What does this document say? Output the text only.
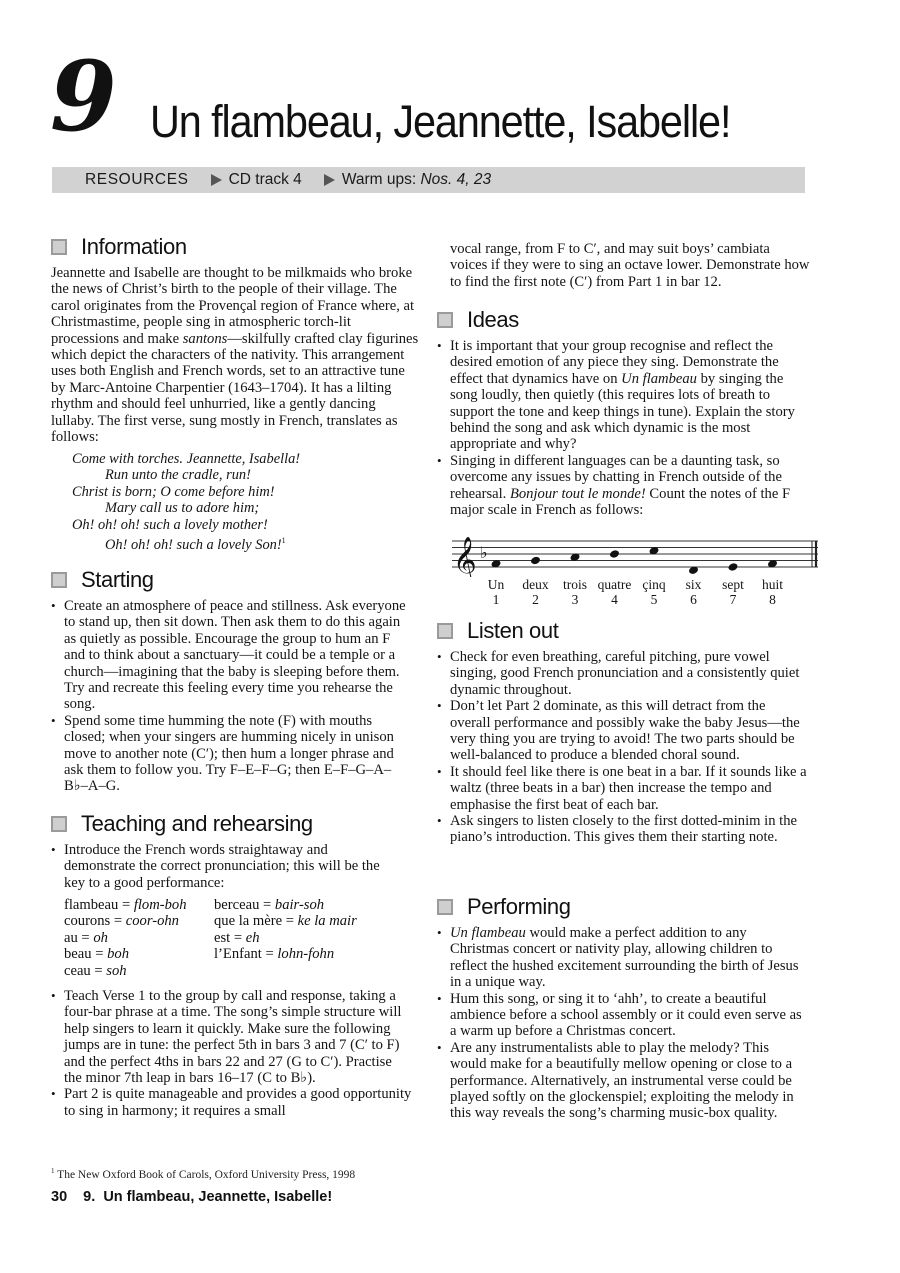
9 Un flambeau, Jeannette, Isabelle!
RESOURCES	CD track 4	Warm ups: Nos. 4, 23
Information

Jeannette and Isabelle are thought to be milkmaids who broke the news of Christ’s birth to the people of their village. The carol originates from the Provençal region of France where, at Christmastime, people sing in atmospheric torch-lit processions and make santons—skilfully crafted clay figurines which depict the characters of the nativity. This arrangement uses both English and French words, set to an attractive tune by Marc-Antoine Charpentier (1643–1704). It has a lilting rhythm and should feel unhurried, like a gently dancing lullaby. The first verse, sung mostly in French, translates as follows:

Come with torches. Jeannette, Isabella!
Run unto the cradle, run!
Christ is born; O come before him!
Mary call us to adore him;
Oh! oh! oh! such a lovely mother!
Oh! oh! oh! such a lovely Son!$^1$
Starting
• Create an atmosphere of peace and stillness. Ask everyone to stand up, then sit down. Then ask them to do this again as quietly as possible. Encourage the group to hum an F and to think about a sanctuary—it could be a temple or a church—imagining that the baby is sleeping before them. Try and recreate this feeling every time you rehearse the song.
• Spend some time humming the note (F) with mouths closed; when your singers are humming nicely in unison move to another note (C′); then hum a longer phrase and ask them to follow you. Try F–E–F–G; then E–F–G–A–B♭–A–G.
Teaching and rehearsing
• Introduce the French words straightaway and demonstrate the correct pronunciation; this will be the key to a good performance:
flambeau = flom-boh	berceau = bair-soh
courons = coor-ohn	que la mère = ke la mair
au = oh	est = eh
beau = boh	l’Enfant = lohn-fohn
ceau = soh
• Teach Verse 1 to the group by call and response, taking a four-bar phrase at a time. The song’s simple structure will help singers to learn it quickly. Make sure the following jumps are in tune: the perfect 5th in bars 3 and 7 (C′ to F) and the perfect 4ths in bars 22 and 27 (G to C′). Practise the minor 7th leap in bars 16–17 (C to B♭).
• Part 2 is quite manageable and provides a good opportunity to sing in harmony; it requires a small

vocal range, from F to C′, and may suit boys’ cambiata voices if they were to sing an octave lower. Demonstrate how to find the first note (C′) from Part 1 in bar 12.

Ideas
• It is important that your group recognise and reflect the desired emotion of any piece they sing. Demonstrate the effect that dynamics have on Un flambeau by singing the song loudly, then quietly (this requires lots of breath to support the tone and keep things in tune). Explain the story behind the song and ask which dynamic is the most appropriate and why?
• Singing in different languages can be a daunting task, so overcome any issues by chatting in French outside of the rehearsal. Bonjour tout le monde! Count the notes of the F major scale in French as follows:
𝄞 ♭
Un
1
deux
2
trois
3
quatre
4
çinq
5
six
6
sept
7
huit
8
Listen out
• Check for even breathing, careful pitching, pure vowel singing, good French pronunciation and a consistently quiet dynamic throughout.
• Don’t let Part 2 dominate, as this will detract from the overall performance and possibly wake the baby Jesus—the very thing you are trying to avoid! The two parts should be well-balanced to produce a blended choral sound.
• It should feel like there is one beat in a bar. If it sounds like a waltz (three beats in a bar) then increase the tempo and emphasise the first beat of each bar.
• Ask singers to listen closely to the first dotted-minim in the piano’s introduction. This gives them their starting note.
Performing
• Un flambeau would make a perfect addition to any Christmas concert or nativity play, allowing children to reflect the hushed excitement surrounding the birth of Jesus in a unique way.
• Hum this song, or sing it to ‘ahh’, to create a beautiful ambience before a school assembly or it could even serve as a warm up before a Christmas concert.
• Are any instrumentalists able to play the melody? This would make for a beautifully mellow opening or close to a performance. Alternatively, an instrumental verse could be played softly on the glockenspiel; exploiting the melody in this way reveals the song’s charming music-box quality.
$^1$ The New Oxford Book of Carols, Oxford University Press, 1998
30 9.  Un flambeau, Jeannette, Isabelle!
